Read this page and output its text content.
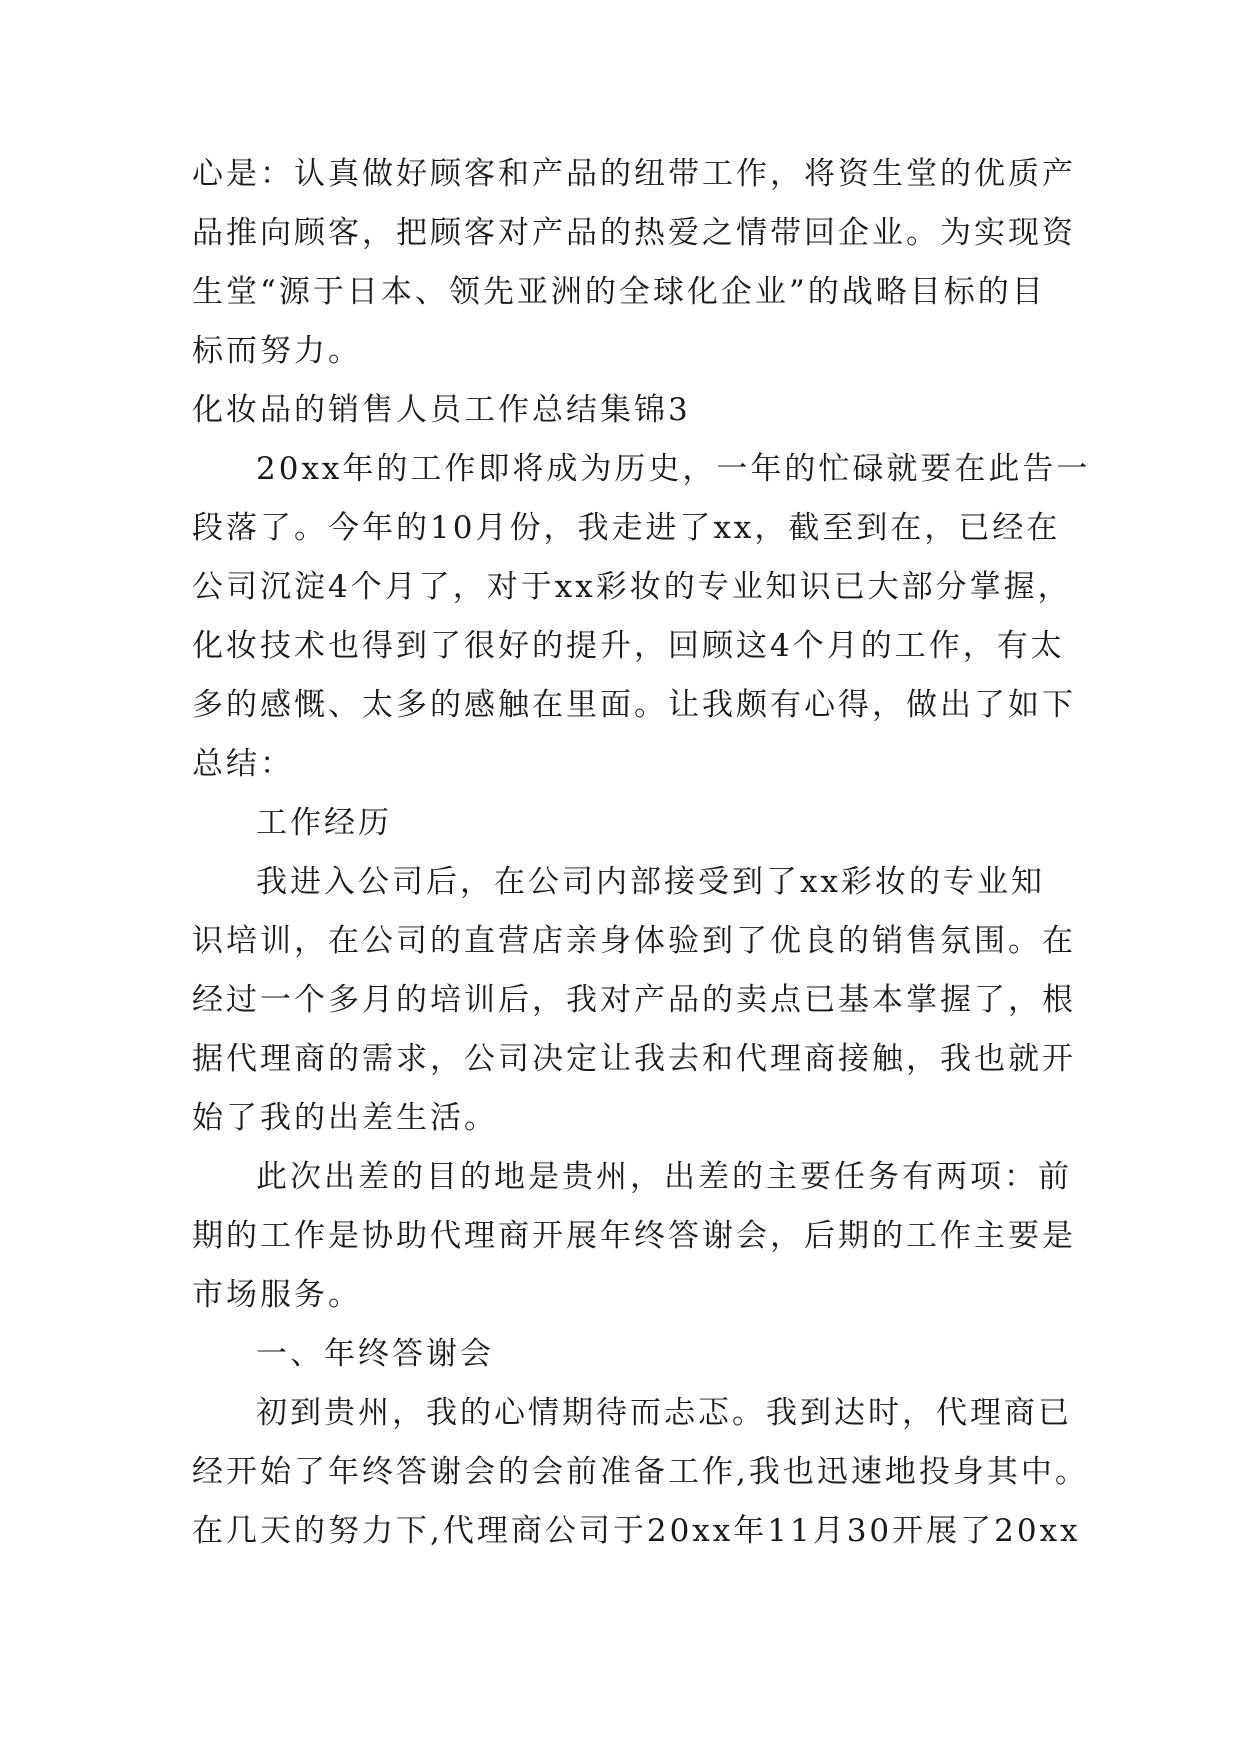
心是：认真做好顾客和产品的纽带工作，将资生堂的优质产
品推向顾客，把顾客对产品的热爱之情带回企业。为实现资
生堂“源于日本、领先亚洲的全球化企业”的战略目标的目
标而努力。
化妆品的销售人员工作总结集锦3
20xx年的工作即将成为历史，一年的忙碌就要在此告一
段落了。今年的10月份，我走进了xx，截至到在，已经在
公司沉淀4个月了，对于xx彩妆的专业知识已大部分掌握，
化妆技术也得到了很好的提升，回顾这4个月的工作，有太
多的感慨、太多的感触在里面。让我颇有心得，做出了如下
总结：
工作经历
我进入公司后，在公司内部接受到了xx彩妆的专业知
识培训，在公司的直营店亲身体验到了优良的销售氛围。在
经过一个多月的培训后，我对产品的卖点已基本掌握了，根
据代理商的需求，公司决定让我去和代理商接触，我也就开
始了我的出差生活。
此次出差的目的地是贵州，出差的主要任务有两项：前
期的工作是协助代理商开展年终答谢会，后期的工作主要是
市场服务。
一、年终答谢会
初到贵州，我的心情期待而忐忑。我到达时，代理商已
经开始了年终答谢会的会前准备工作,我也迅速地投身其中。
在几天的努力下,代理商公司于20xx年11月30开展了20xx
